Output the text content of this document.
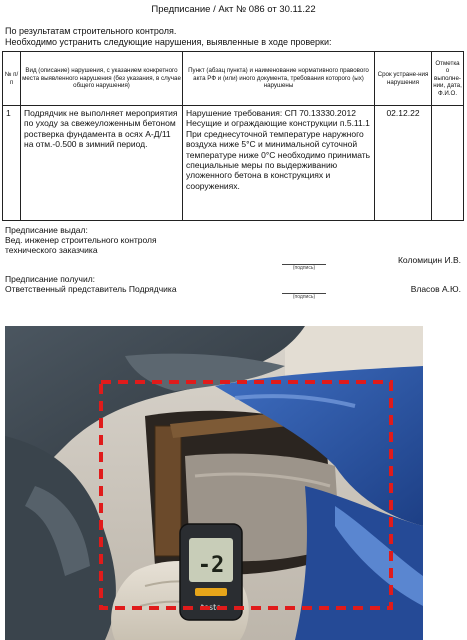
Предписание / Акт № 086 от 30.11.22
По результатам строительного контроля.
Необходимо устранить следующие нарушения, выявленные в ходе проверки:
№ п/п	Вид (описание) нарушения, с указанием конкретного места выявленного нарушения (без указания, в случае общего нарушения)	Пункт (абзац пункта) и наименование нормативного правового акта РФ и (или) иного документа, требования которого (ых) нарушены	Срок устране-ния нарушения	Отметка о выполне-нии, дата, Ф.И.О.
1	Подрядчик не выполняет мероприятия по уходу за свежеуложенным бетоном ростверка фундамента в осях А-Д/11 на отм.-0.500 в зимний период.	Нарушение требования: СП 70.13330.2012 Несущие и ограждающие конструкции п.5.11.1 При среднесуточной температуре наружного воздуха ниже 5°С и минимальной суточной температуре ниже 0°С необходимо принимать специальные меры по выдерживанию уложенного бетона в конструкциях и сооружениях.	02.12.22	
Предписание выдал:
Вед. инженер строительного контроля
технического заказчика
(подпись)
Коломицин И.В.
Предписание получил:
Ответственный представитель Подрядчика
(подпись)
Власов А.Ю.
-2
testo
